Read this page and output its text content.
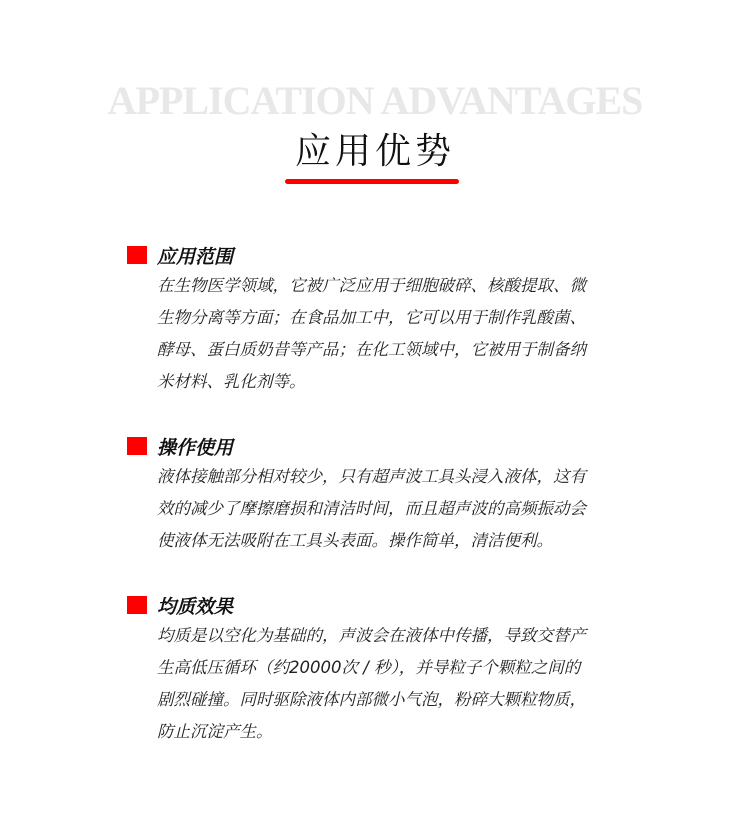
APPLICATION ADVANTAGES
应用优势
应用范围
在生物医学领域，它被广泛应用于细胞破碎、核酸提取、微
生物分离等方面；在食品加工中，它可以用于制作乳酸菌、
酵母、蛋白质奶昔等产品；在化工领域中，它被用于制备纳
米材料、乳化剂等。
操作使用
液体接触部分相对较少，只有超声波工具头浸入液体，这有
效的减少了摩擦磨损和清洁时间，而且超声波的高频振动会
使液体无法吸附在工具头表面。操作简单，清洁便利。
均质效果
均质是以空化为基础的，声波会在液体中传播，导致交替产
生高低压循环（约20000次 / 秒），并导粒子个颗粒之间的
剧烈碰撞。同时驱除液体内部微小气泡，粉碎大颗粒物质，
防止沉淀产生。
